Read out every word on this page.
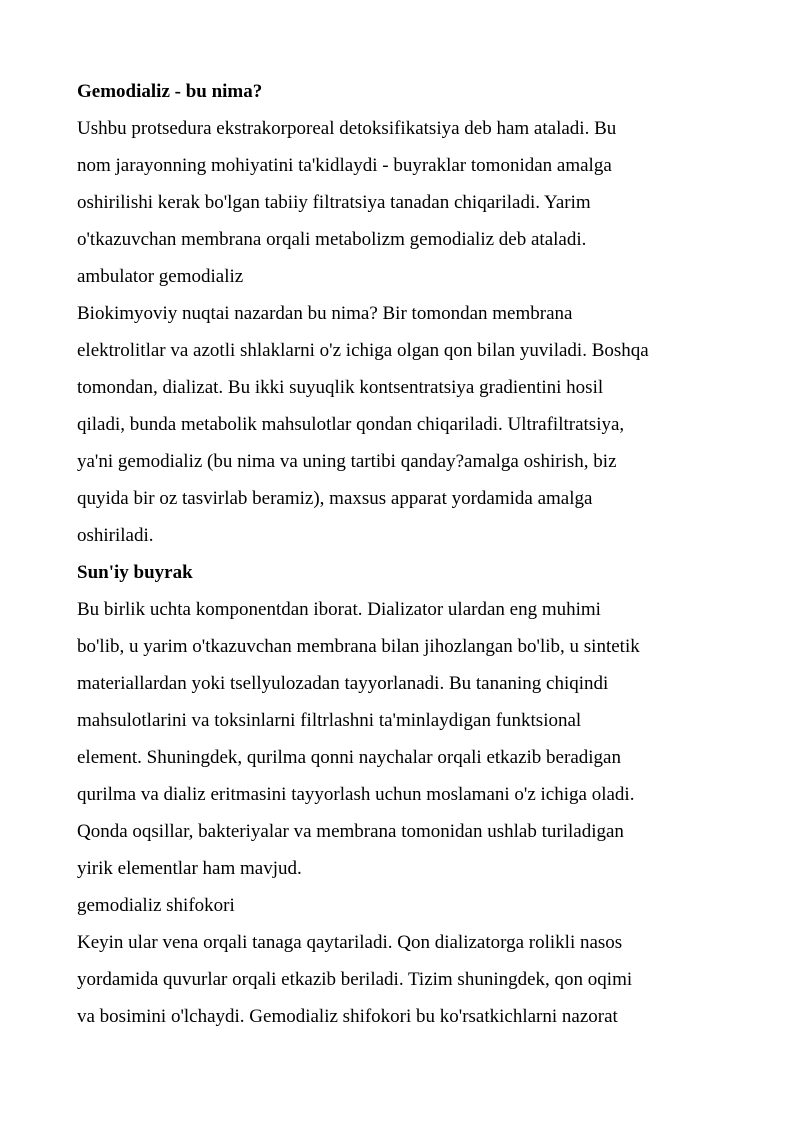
Gemodializ - bu nima?
Ushbu protsedura ekstrakorporeal detoksifikatsiya deb ham ataladi. Bu
nom jarayonning mohiyatini ta'kidlaydi - buyraklar tomonidan amalga
oshirilishi kerak bo'lgan tabiiy filtratsiya tanadan chiqariladi. Yarim
o'tkazuvchan membrana orqali metabolizm gemodializ deb ataladi.
ambulator gemodializ
Biokimyoviy nuqtai nazardan bu nima? Bir tomondan membrana
elektrolitlar va azotli shlaklarni o'z ichiga olgan qon bilan yuviladi. Boshqa
tomondan, dializat. Bu ikki suyuqlik kontsentratsiya gradientini hosil
qiladi, bunda metabolik mahsulotlar qondan chiqariladi. Ultrafiltratsiya,
ya'ni gemodializ (bu nima va uning tartibi qanday?amalga oshirish, biz
quyida bir oz tasvirlab beramiz), maxsus apparat yordamida amalga
oshiriladi.
Sun'iy buyrak
Bu birlik uchta komponentdan iborat. Dializator ulardan eng muhimi
bo'lib, u yarim o'tkazuvchan membrana bilan jihozlangan bo'lib, u sintetik
materiallardan yoki tsellyulozadan tayyorlanadi. Bu tananing chiqindi
mahsulotlarini va toksinlarni filtrlashni ta'minlaydigan funktsional
element. Shuningdek, qurilma qonni naychalar orqali etkazib beradigan
qurilma va dializ eritmasini tayyorlash uchun moslamani o'z ichiga oladi.
Qonda oqsillar, bakteriyalar va membrana tomonidan ushlab turiladigan
yirik elementlar ham mavjud.
gemodializ shifokori
Keyin ular vena orqali tanaga qaytariladi. Qon dializatorga rolikli nasos
yordamida quvurlar orqali etkazib beriladi. Tizim shuningdek, qon oqimi
va bosimini o'lchaydi. Gemodializ shifokori bu ko'rsatkichlarni nazorat
